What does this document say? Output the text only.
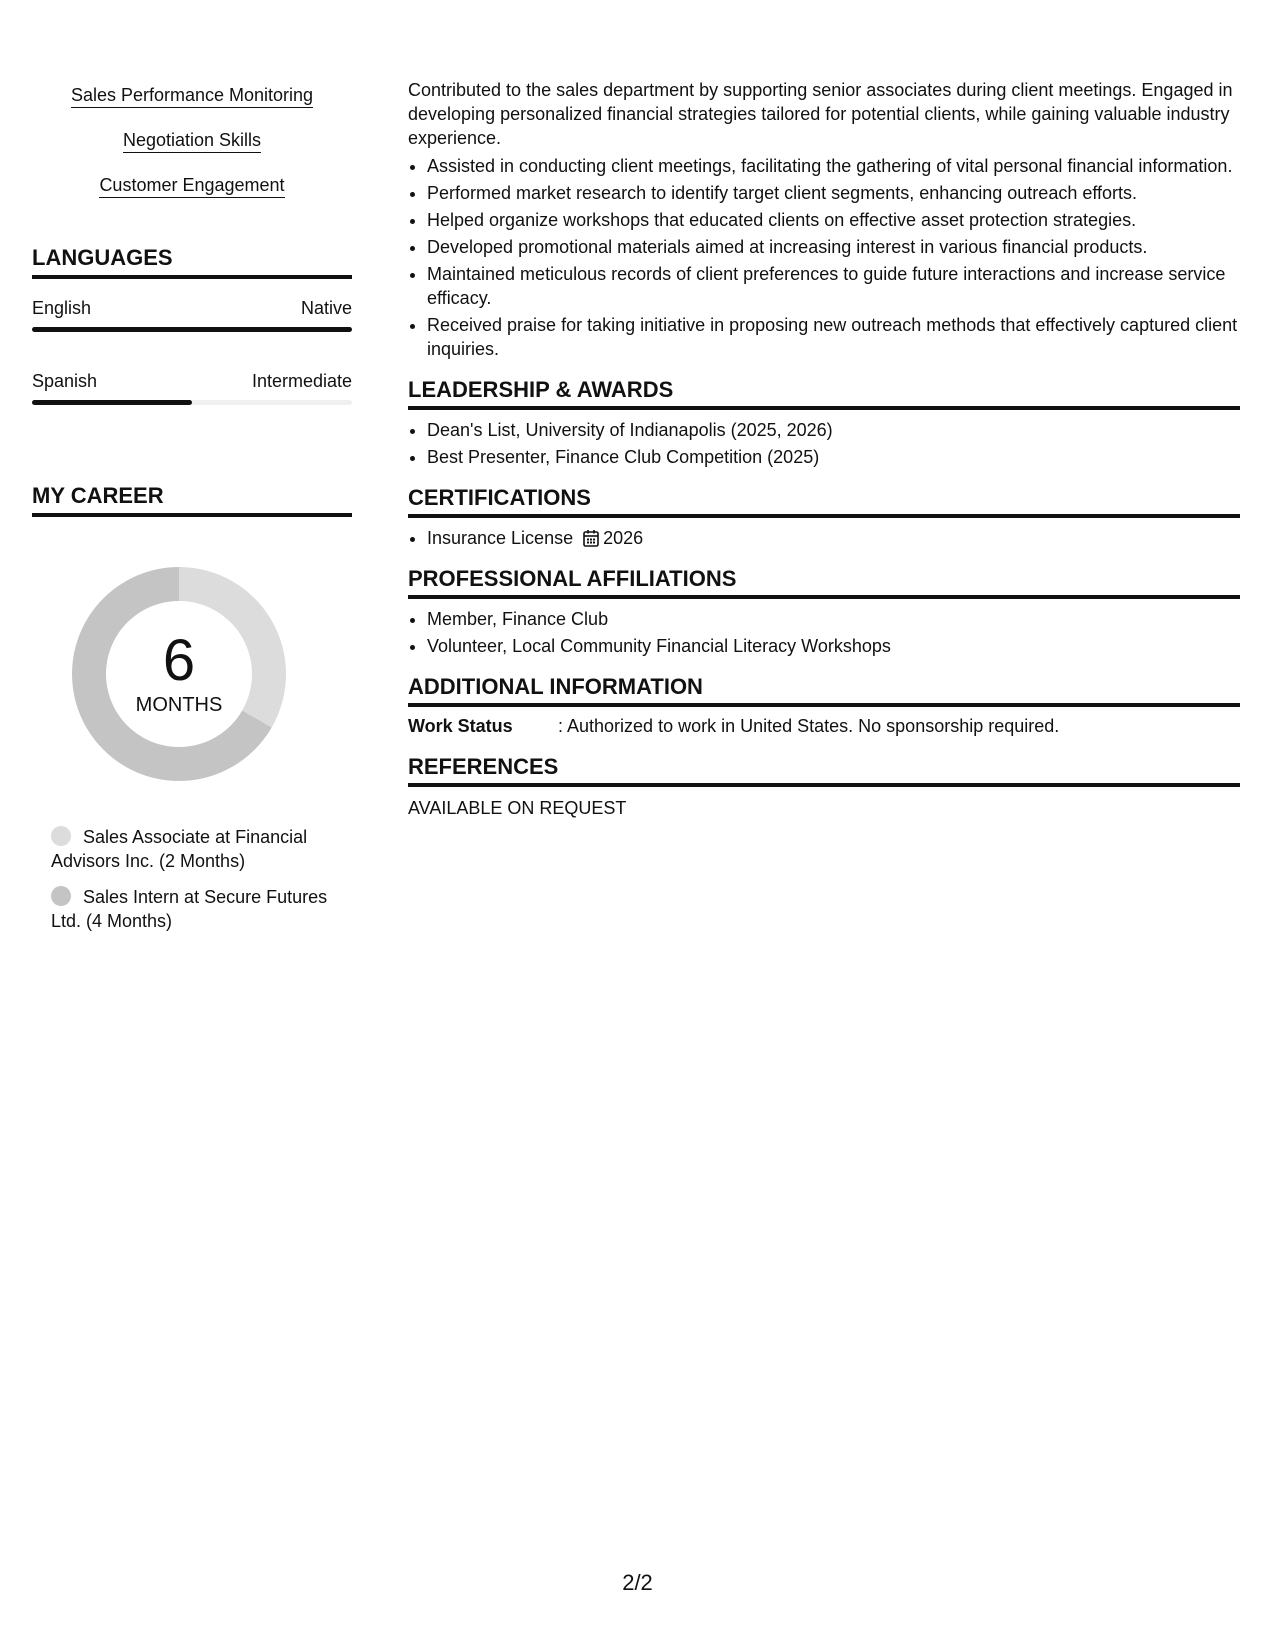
Sales Performance Monitoring
Negotiation Skills
Customer Engagement
LANGUAGES
English	Native
Spanish	Intermediate
MY CAREER
6
MONTHS
Sales Associate at Financial Advisors Inc. (2 Months)
Sales Intern at Secure Futures Ltd. (4 Months)

Contributed to the sales department by supporting senior associates during client meetings. Engaged in developing personalized financial strategies tailored for potential clients, while gaining valuable industry experience.

• Assisted in conducting client meetings, facilitating the gathering of vital personal financial information.
• Performed market research to identify target client segments, enhancing outreach efforts.
• Helped organize workshops that educated clients on effective asset protection strategies.
• Developed promotional materials aimed at increasing interest in various financial products.
• Maintained meticulous records of client preferences to guide future interactions and increase service efficacy.
• Received praise for taking initiative in proposing new outreach methods that effectively captured client inquiries.
LEADERSHIP & AWARDS
• Dean's List, University of Indianapolis (2025, 2026)
• Best Presenter, Finance Club Competition (2025)
CERTIFICATIONS
• Insurance License 2026
PROFESSIONAL AFFILIATIONS
• Member, Finance Club
• Volunteer, Local Community Financial Literacy Workshops
ADDITIONAL INFORMATION
Work Status	: Authorized to work in United States. No sponsorship required.
REFERENCES
AVAILABLE ON REQUEST
2/2
